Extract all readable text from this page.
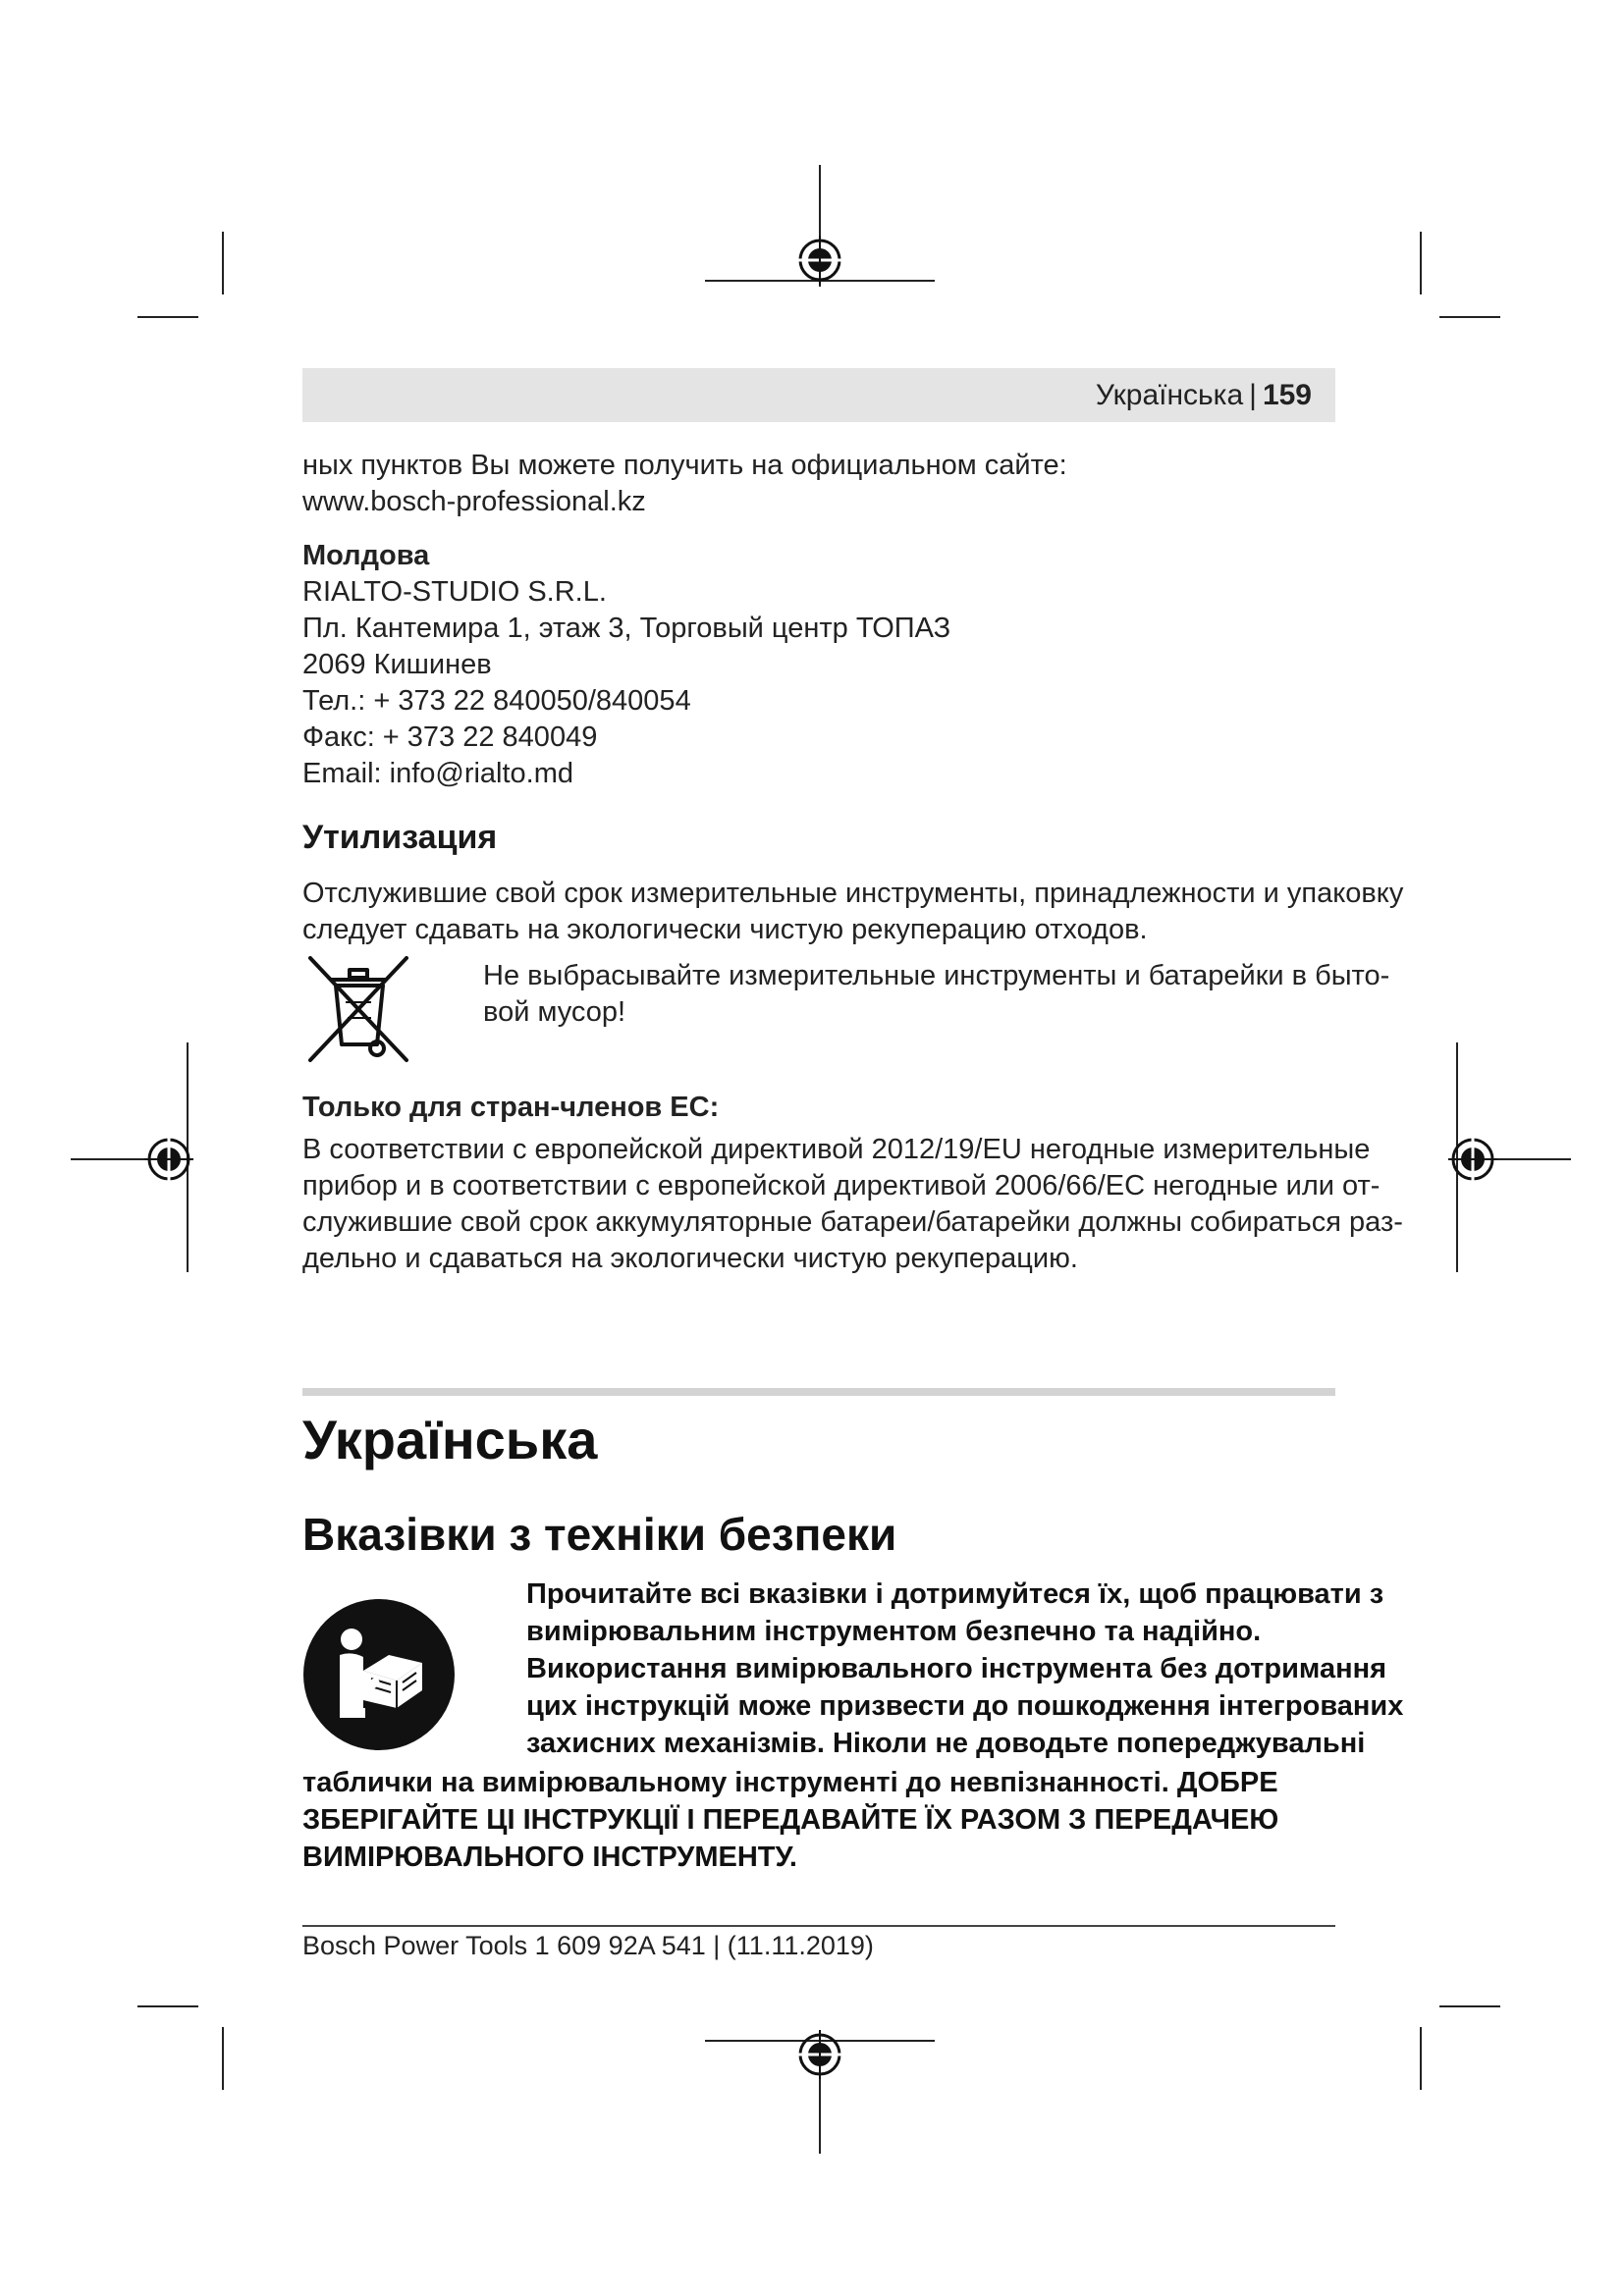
Українська | 159
ных пунктов Вы можете получить на официальном сайте:
www.bosch-professional.kz
Молдова
RIALTO-STUDIO S.R.L.
Пл. Кантемира 1, этаж 3, Торговый центр ТОПАЗ
2069 Кишинев
Тел.: + 373 22 840050/840054
Факс: + 373 22 840049
Email: info@rialto.md
Утилизация
Отслужившие свой срок измерительные инструменты, принадлежности и упаковку
следует сдавать на экологически чистую рекуперацию отходов.
Не выбрасывайте измерительные инструменты и батарейки в быто-
вой мусор!
Только для стран-членов ЕС:
В соответствии с европейской директивой 2012/19/EU негодные измерительные
прибор и в соответствии с европейской директивой 2006/66/EC негодные или от-
служившие свой срок аккумуляторные батареи/батарейки должны собираться раз-
дельно и сдаваться на экологически чистую рекуперацию.
Українська
Вказівки з техніки безпеки
Прочитайте всі вказівки і дотримуйтеся їх, щоб працювати з
вимірювальним інструментом безпечно та надійно.
Використання вимірювального інструмента без дотримання
цих інструкцій може призвести до пошкодження інтегрованих
захисних механізмів. Ніколи не доводьте попереджувальні
таблички на вимірювальному інструменті до невпізнанності. ДОБРЕ
ЗБЕРІГАЙТЕ ЦІ ІНСТРУКЦІЇ І ПЕРЕДАВАЙТЕ ЇХ РАЗОМ З ПЕРЕДАЧЕЮ
ВИМІРЮВАЛЬНОГО ІНСТРУМЕНТУ.
Bosch Power Tools 1 609 92A 541 | (11.11.2019)
